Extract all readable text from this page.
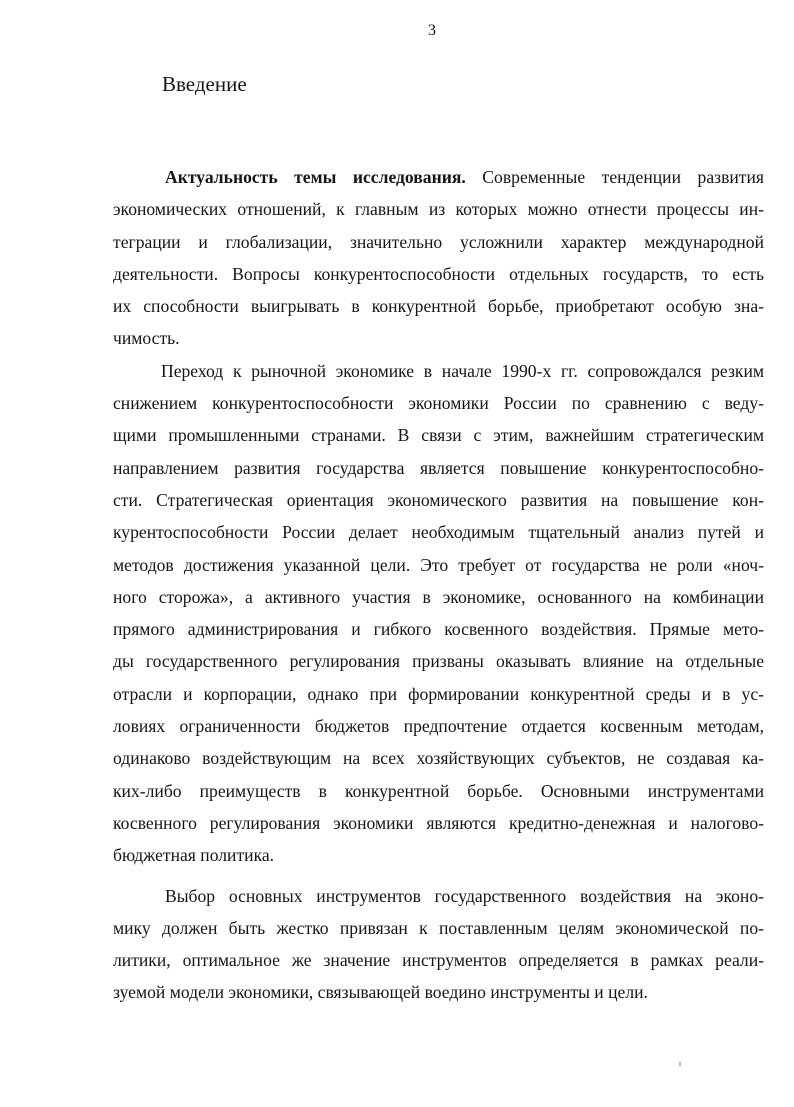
3
Введение
Актуальность темы исследования. Современные тенденции развития
экономических отношений, к главным из которых можно отнести процессы ин-
теграции и глобализации, значительно усложнили характер международной
деятельности. Вопросы конкурентоспособности отдельных государств, то есть
их способности выигрывать в конкурентной борьбе, приобретают особую зна-
чимость.
Переход к рыночной экономике в начале 1990-х гг. сопровождался резким
снижением конкурентоспособности экономики России по сравнению с веду-
щими промышленными странами. В связи с этим, важнейшим стратегическим
направлением развития государства является повышение конкурентоспособно-
сти. Стратегическая ориентация экономического развития на повышение кон-
курентоспособности России делает необходимым тщательный анализ путей и
методов достижения указанной цели. Это требует от государства не роли «ноч-
ного сторожа», а активного участия в экономике, основанного на комбинации
прямого администрирования и гибкого косвенного воздействия. Прямые мето-
ды государственного регулирования призваны оказывать влияние на отдельные
отрасли и корпорации, однако при формировании конкурентной среды и в ус-
ловиях ограниченности бюджетов предпочтение отдается косвенным методам,
одинаково воздействующим на всех хозяйствующих субъектов, не создавая ка-
ких-либо преимуществ в конкурентной борьбе. Основными инструментами
косвенного регулирования экономики являются кредитно-денежная и налогово-
бюджетная политика.
Выбор основных инструментов государственного воздействия на эконо-
мику должен быть жестко привязан к поставленным целям экономической по-
литики, оптимальное же значение инструментов определяется в рамках реали-
зуемой модели экономики, связывающей воедино инструменты и цели.
